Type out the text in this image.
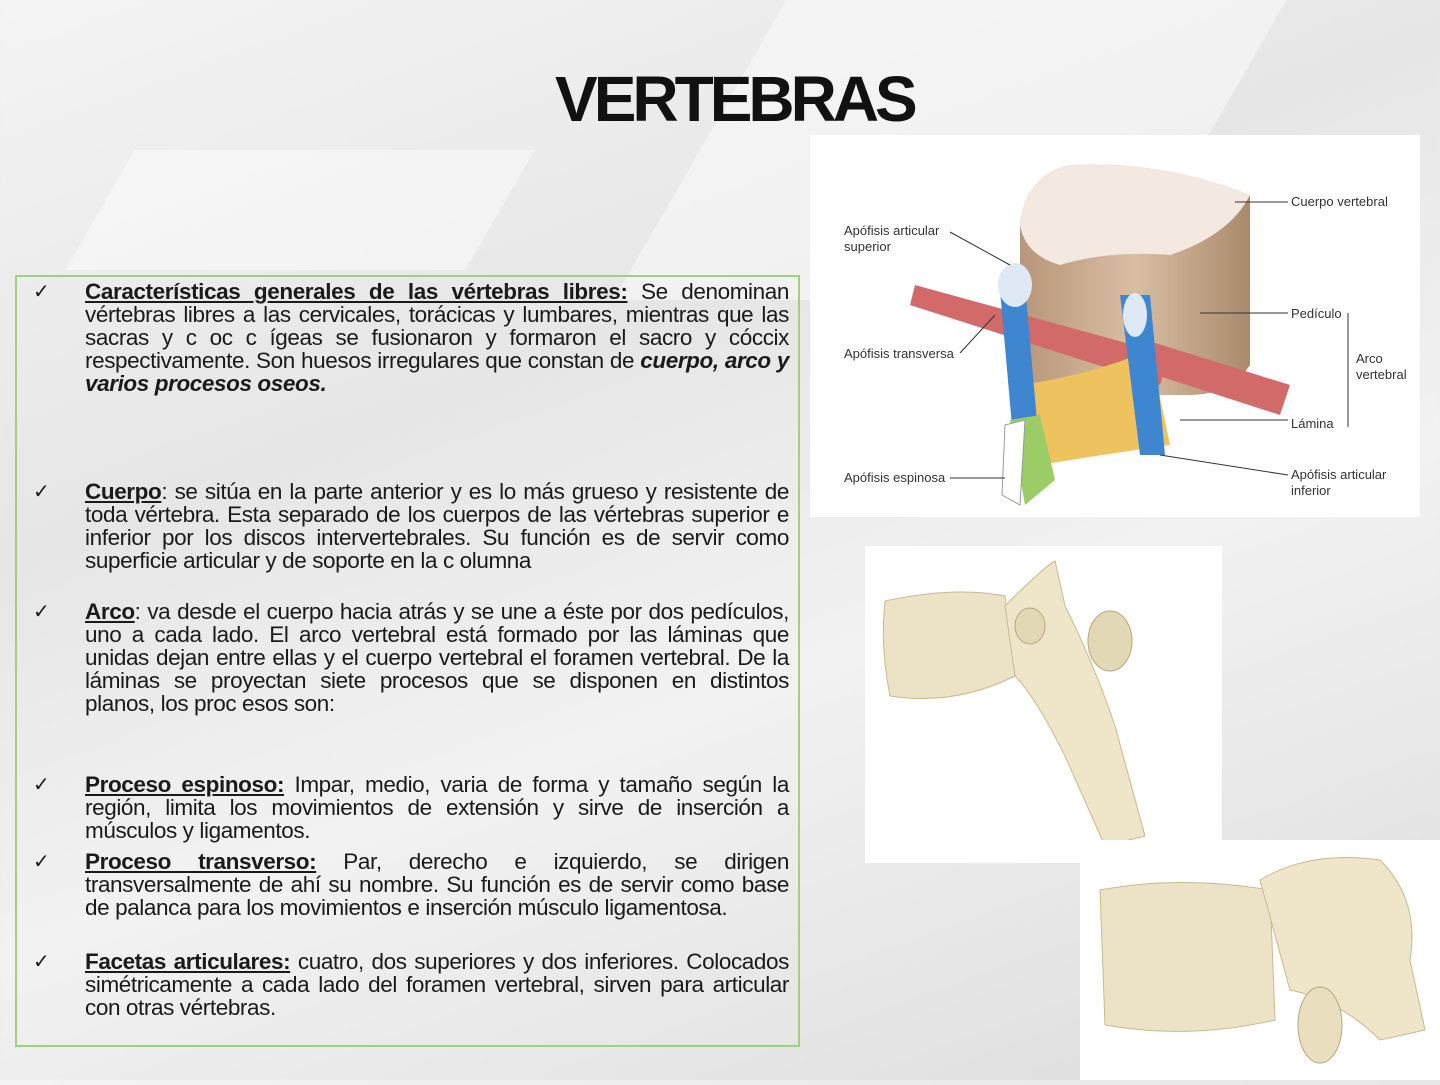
VERTEBRAS
✓ Características generales de las vértebras libres: Se denominan vértebras libres a las cervicales, torácicas y lumbares, mientras que las sacras y c oc c ígeas se fusionaron y formaron el sacro y cóccix respectivamente. Son huesos irregulares que constan de cuerpo, arco y varios procesos oseos.
✓ Cuerpo: se sitúa en la parte anterior y es lo más grueso y resistente de toda vértebra. Esta separado de los cuerpos de las vértebras superior e inferior por los discos intervertebrales. Su función es de servir como superficie articular y de soporte en la c olumna
✓ Arco: va desde el cuerpo hacia atrás y se une a éste por dos pedículos, uno a cada lado. El arco vertebral está formado por las láminas que unidas dejan entre ellas y el cuerpo vertebral el foramen vertebral. De la láminas se proyectan siete procesos que se disponen en distintos planos, los proc esos son:
✓ Proceso espinoso: Impar, medio, varia de forma y tamaño según la región, limita los movimientos de extensión y sirve de inserción a músculos y ligamentos.
✓ Proceso transverso: Par, derecho e izquierdo, se dirigen transversalmente de ahí su nombre. Su función es de servir como base de palanca para los movimientos e inserción músculo ligamentosa.
✓ Facetas articulares: cuatro, dos superiores y dos inferiores. Colocados simétricamente a cada lado del foramen vertebral, sirven para articular con otras vértebras.
Apófisis articular superior
Apófisis transversa
Apófisis espinosa
Cuerpo vertebral
Pedículo
Arco vertebral
Lámina
Apófisis articular inferior
